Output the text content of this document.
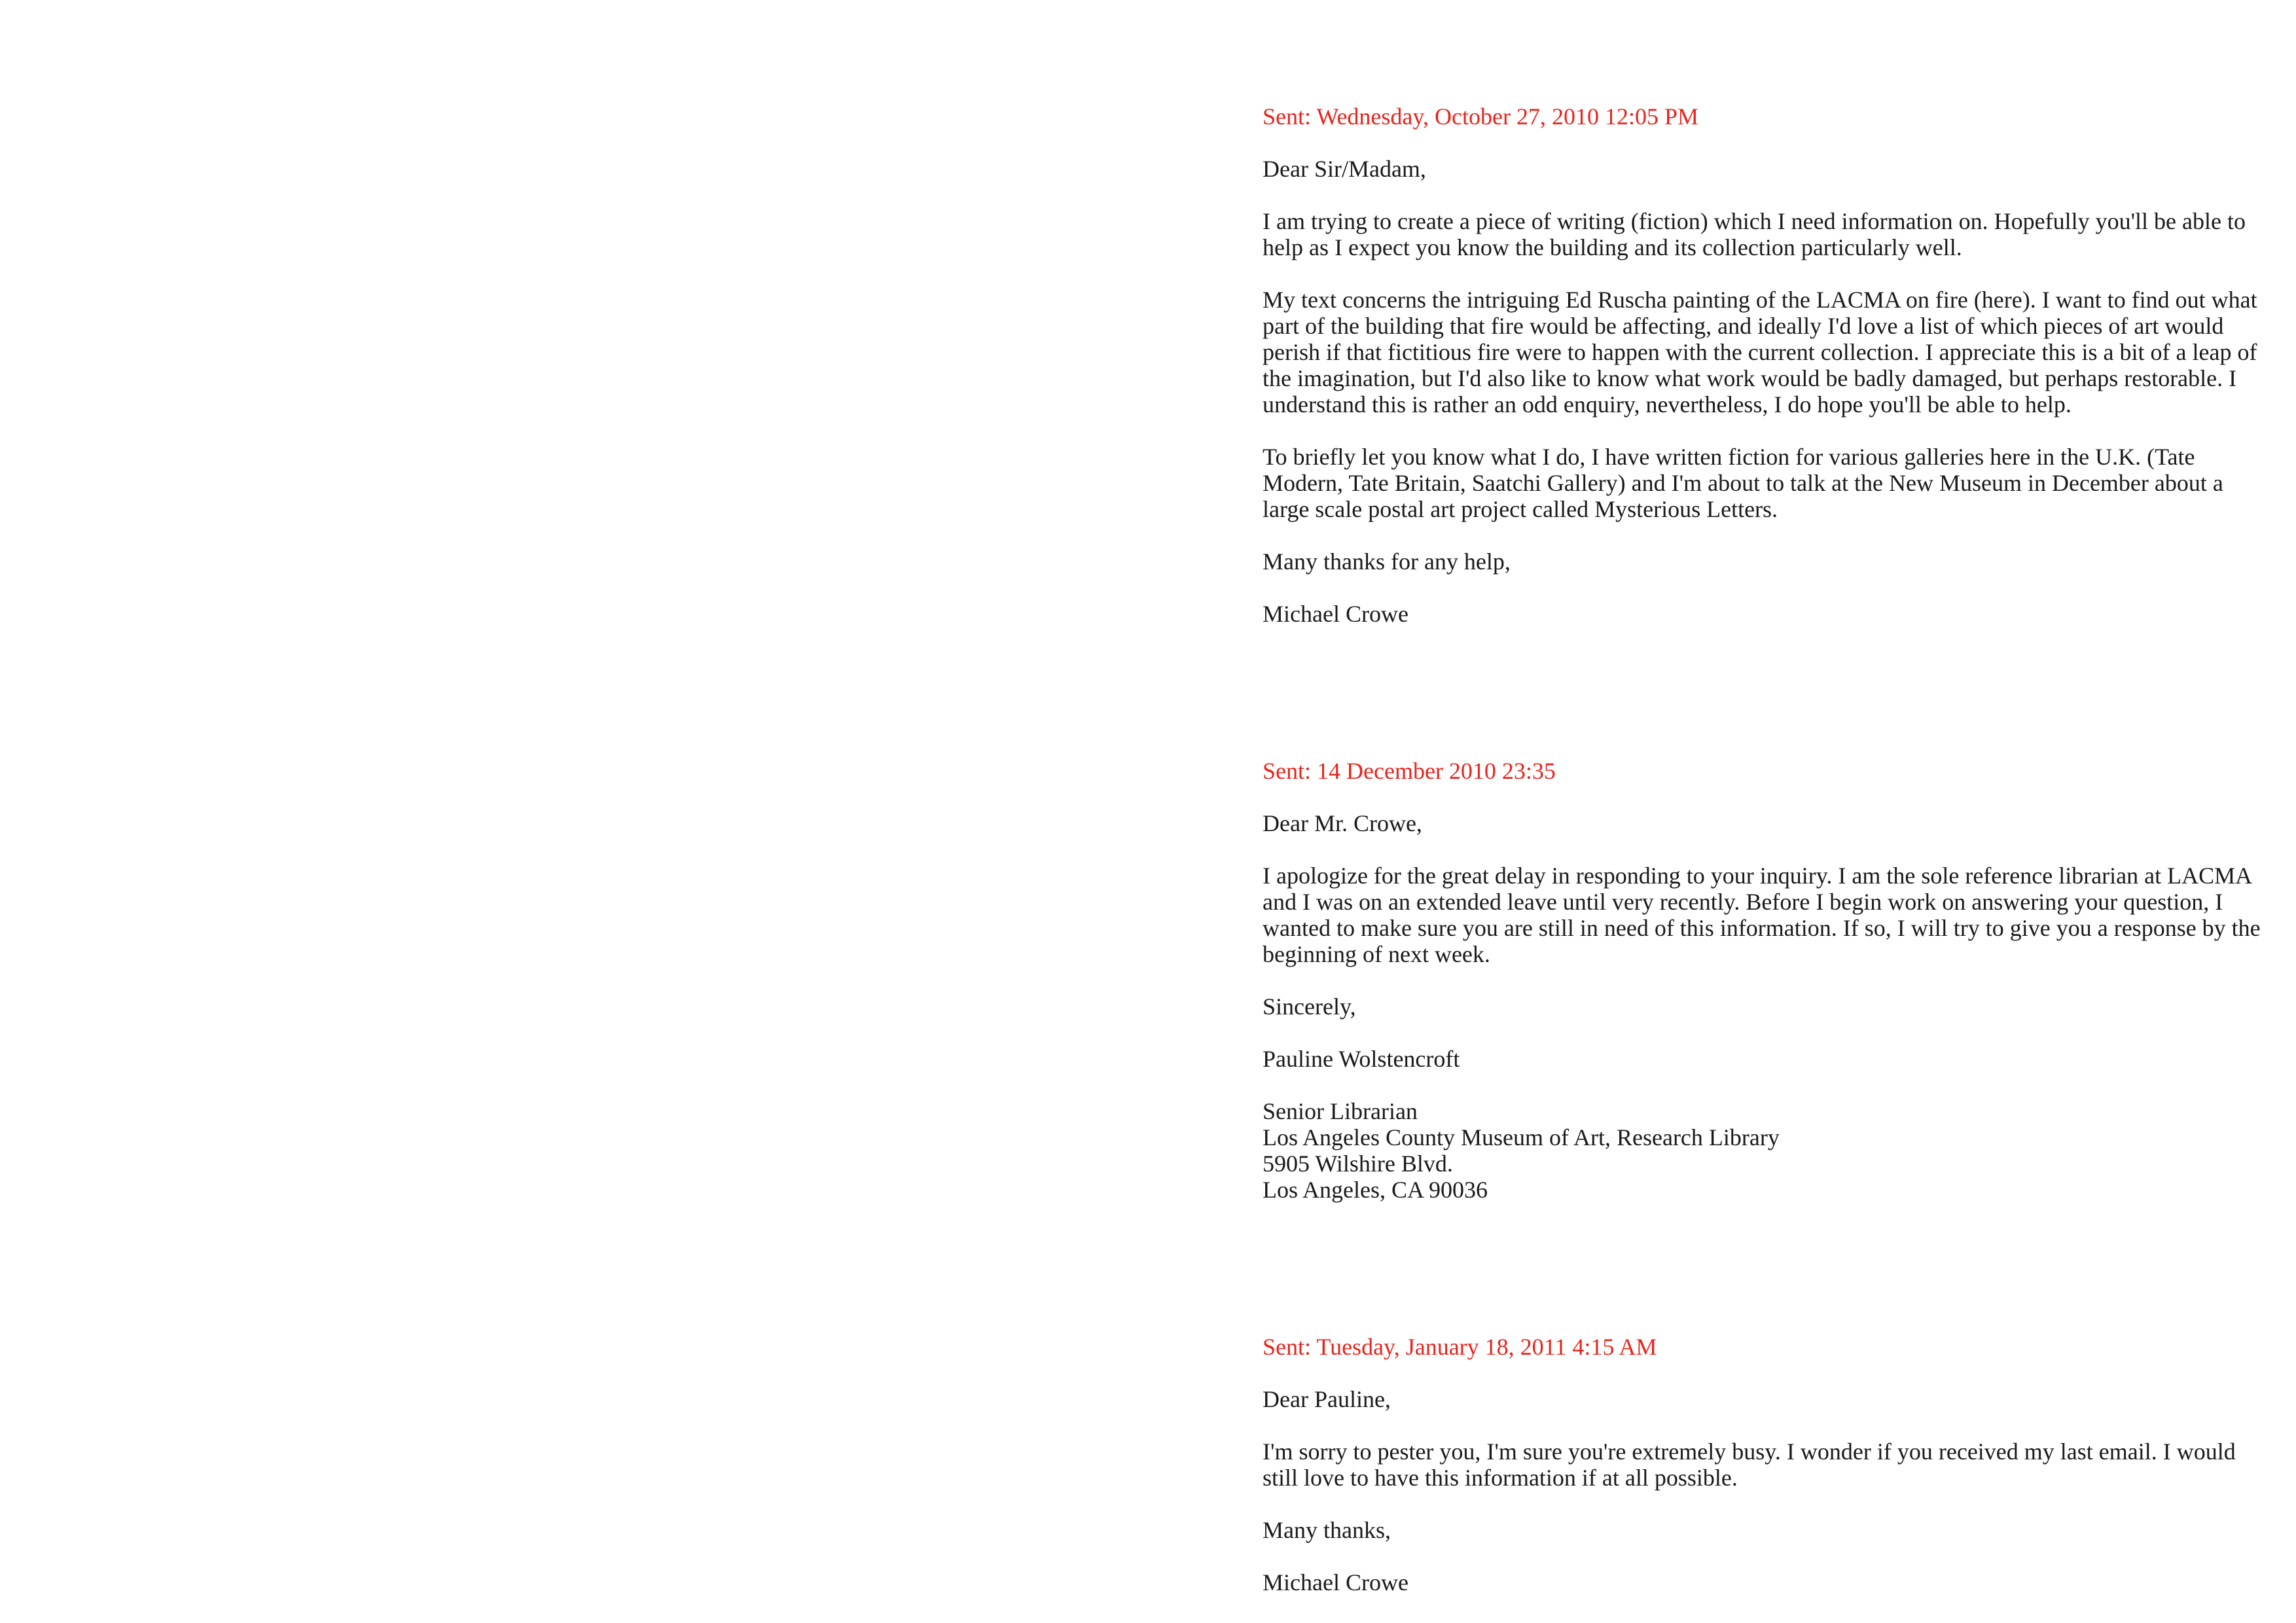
Sent: Wednesday, October 27, 2010 12:05 PM

Dear Sir/Madam,

I am trying to create a piece of writing (fiction) which I need information on. Hopefully you'll be able to help as I expect you know the building and its collection particularly well.

My text concerns the intriguing Ed Ruscha painting of the LACMA on fire (here). I want to find out what part of the building that fire would be affecting, and ideally I'd love a list of which pieces of art would perish if that fictitious fire were to happen with the current collection. I appreciate this is a bit of a leap of the imagination, but I'd also like to know what work would be badly damaged, but perhaps restorable. I understand this is rather an odd enquiry, nevertheless, I do hope you'll be able to help.

To briefly let you know what I do, I have written fiction for various galleries here in the U.K. (Tate Modern, Tate Britain, Saatchi Gallery) and I'm about to talk at the New Museum in December about a large scale postal art project called Mysterious Letters.

Many thanks for any help,

Michael Crowe

Sent: 14 December 2010 23:35

Dear Mr. Crowe,

I apologize for the great delay in responding to your inquiry. I am the sole reference librarian at LACMA and I was on an extended leave until very recently. Before I begin work on answering your question, I wanted to make sure you are still in need of this information. If so, I will try to give you a response by the beginning of next week.

Sincerely,

Pauline Wolstencroft

Senior Librarian
Los Angeles County Museum of Art, Research Library
5905 Wilshire Blvd.
Los Angeles, CA 90036

Sent: Tuesday, January 18, 2011 4:15 AM

Dear Pauline,

I'm sorry to pester you, I'm sure you're extremely busy. I wonder if you received my last email. I would still love to have this information if at all possible.

Many thanks,

Michael Crowe
